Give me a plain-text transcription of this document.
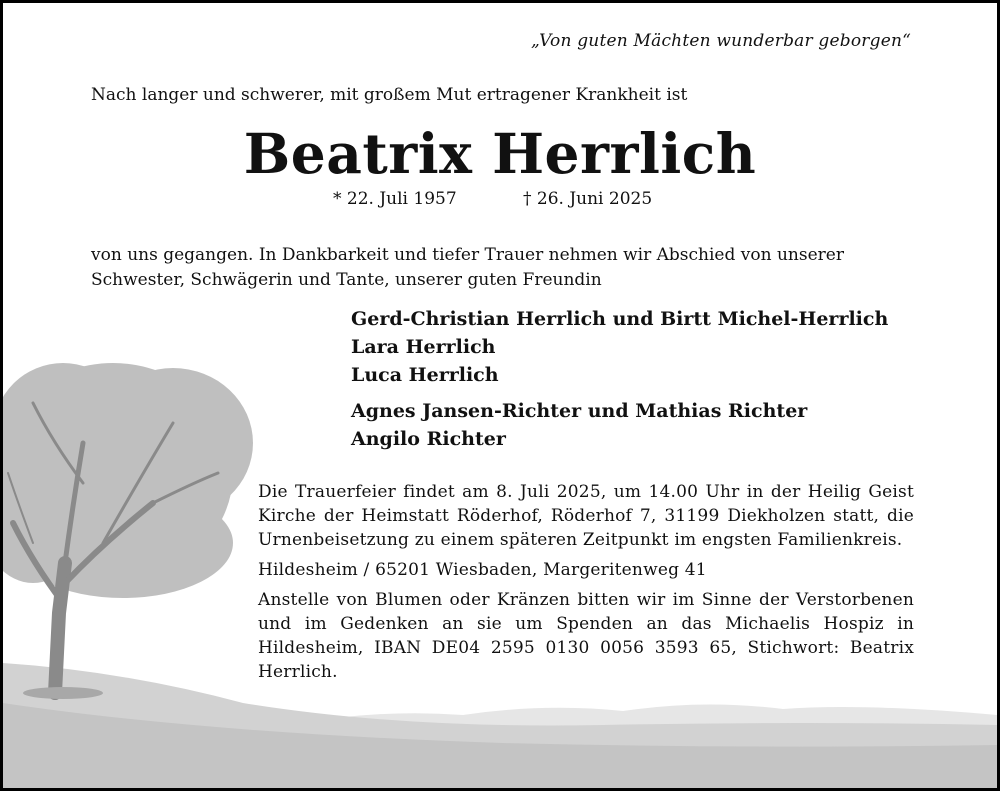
„Von guten Mächten wunderbar geborgen“

Nach langer und schwerer, mit großem Mut ertragener Krankheit ist

Beatrix Herrlich
* 22. Juli 1957	† 26. Juni 2025

von uns gegangen. In Dankbarkeit und tiefer Trauer nehmen wir Abschied von unserer Schwester, Schwägerin und Tante, unserer guten Freundin

Gerd-Christian Herrlich und Birtt Michel-Herrlich
Lara Herrlich
Luca Herrlich
Agnes Jansen-Richter und Mathias Richter
Angilo Richter

Die Trauerfeier findet am 8. Juli 2025, um 14.00 Uhr in der Heilig Geist Kirche der Heimstatt Röderhof, Röderhof 7, 31199 Diekholzen statt, die Urnenbeisetzung zu einem späteren Zeitpunkt im engsten Familienkreis.

Hildesheim / 65201 Wiesbaden, Margeritenweg 41

Anstelle von Blumen oder Kränzen bitten wir im Sinne der Verstorbenen und im Gedenken an sie um Spenden an das Michaelis Hospiz in Hildesheim, IBAN DE04 2595 0130 0056 3593 65, Stichwort: Beatrix Herrlich.
